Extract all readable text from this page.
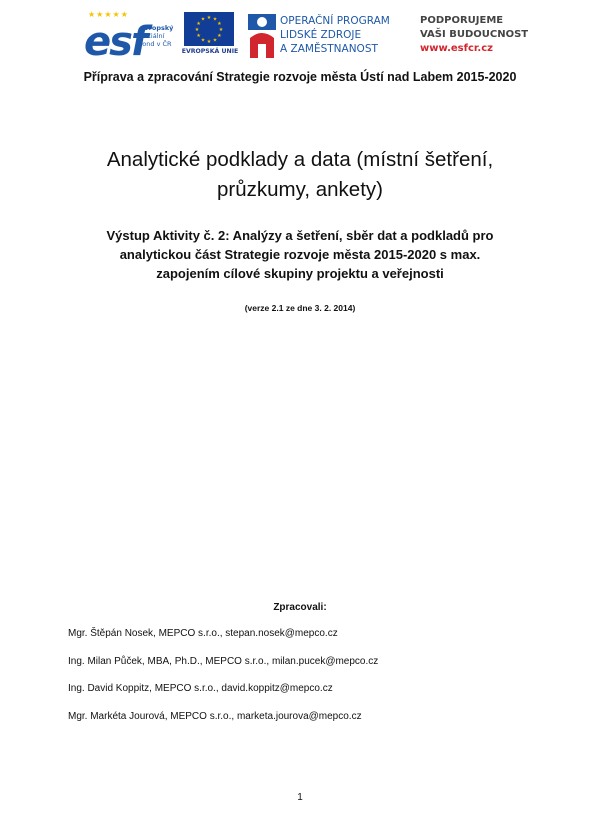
★★★★★
esf
evropský
sociální
fond v ČR
★ ★
★
★
★
★
★
★
★
★
★
★
EVROPSKÁ UNIE
OPERAČNÍ PROGRAM
LIDSKÉ ZDROJE
A ZAMĚSTNANOST
PODPORUJEME
VAŠI BUDOUCNOST
www.esfcr.cz
Příprava a zpracování Strategie rozvoje města Ústí nad Labem 2015-2020
Analytické podklady a data (místní šetření,
průzkumy, ankety)
Výstup Aktivity č. 2: Analýzy a šetření, sběr dat a podkladů pro
analytickou část Strategie rozvoje města 2015-2020 s max.
zapojením cílové skupiny projektu a veřejnosti
(verze 2.1 ze dne 3. 2. 2014)
Zpracovali:
Mgr. Štěpán Nosek, MEPCO s.r.o., stepan.nosek@mepco.cz
Ing. Milan Půček, MBA, Ph.D., MEPCO s.r.o., milan.pucek@mepco.cz
Ing. David Koppitz, MEPCO s.r.o., david.koppitz@mepco.cz
Mgr. Markéta Jourová, MEPCO s.r.o., marketa.jourova@mepco.cz
1
